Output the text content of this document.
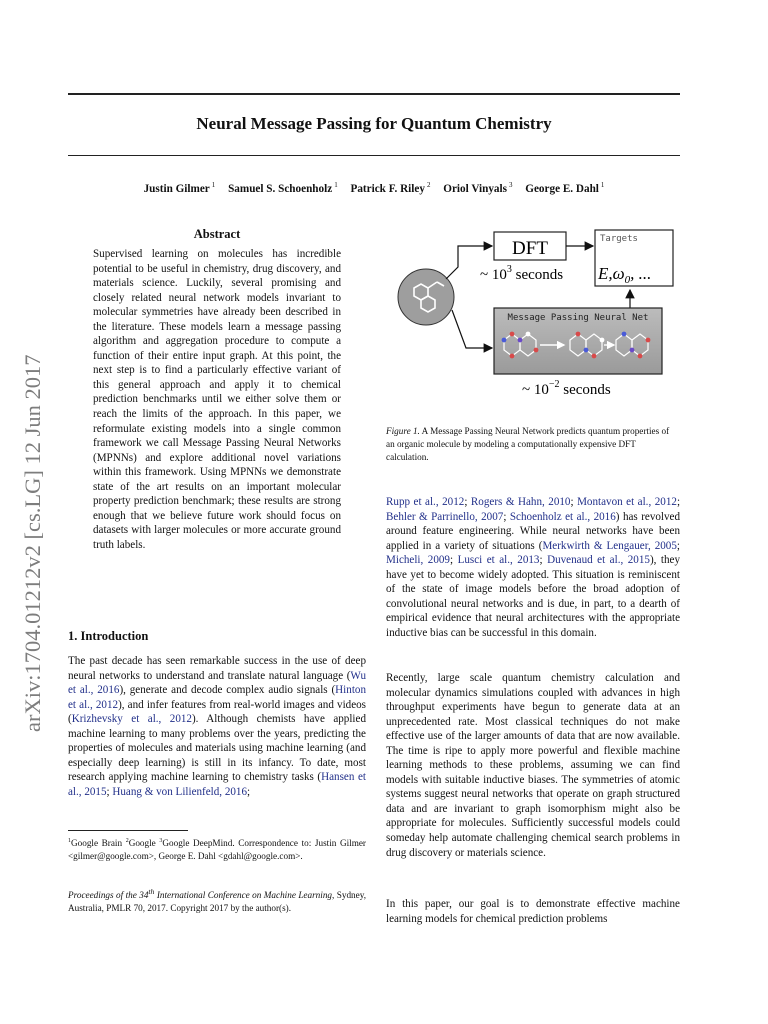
Neural Message Passing for Quantum Chemistry
Justin Gilmer $^1$ Samuel S. Schoenholz $^1$ Patrick F. Riley $^2$ Oriol Vinyals $^3$ George E. Dahl $^1$
arXiv:1704.01212v2 [cs.LG] 12 Jun 2017
Abstract
Supervised learning on molecules has incredible potential to be useful in chemistry, drug discovery, and materials science. Luckily, several promising and closely related neural network models invariant to molecular symmetries have already been described in the literature. These models learn a message passing algorithm and aggregation procedure to compute a function of their entire input graph. At this point, the next step is to find a particularly effective variant of this general approach and apply it to chemical prediction benchmarks until we either solve them or reach the limits of the approach. In this paper, we reformulate existing models into a single common framework we call Message Passing Neural Networks (MPNNs) and explore additional novel variations within this framework. Using MPNNs we demonstrate state of the art results on an important molecular property prediction benchmark; these results are strong enough that we believe future work should focus on datasets with larger molecules or more accurate ground truth labels.
1. Introduction
The past decade has seen remarkable success in the use of deep neural networks to understand and translate natural language (Wu et al., 2016), generate and decode complex audio signals (Hinton et al., 2012), and infer features from real-world images and videos (Krizhevsky et al., 2012). Although chemists have applied machine learning to many problems over the years, predicting the properties of molecules and materials using machine learning (and especially deep learning) is still in its infancy. To date, most research applying machine learning to chemistry tasks (Hansen et al., 2015; Huang & von Lilienfeld, 2016;
$^1$Google Brain $^2$Google $^3$Google DeepMind. Correspondence to: Justin Gilmer <gilmer@google.com>, George E. Dahl <gdahl@google.com>.
Proceedings of the 34th International Conference on Machine Learning, Sydney, Australia, PMLR 70, 2017. Copyright 2017 by the author(s).
DFT
~ $10^3$ seconds
Targets
$E,\omega_0$, ...
Message Passing Neural Net
~ $10^{-2}$ seconds
Figure 1. A Message Passing Neural Network predicts quantum properties of an organic molecule by modeling a computationally expensive DFT calculation.
Rupp et al., 2012; Rogers & Hahn, 2010; Montavon et al., 2012; Behler & Parrinello, 2007; Schoenholz et al., 2016) has revolved around feature engineering. While neural networks have been applied in a variety of situations (Merkwirth & Lengauer, 2005; Micheli, 2009; Lusci et al., 2013; Duvenaud et al., 2015), they have yet to become widely adopted. This situation is reminiscent of the state of image models before the broad adoption of convolutional neural networks and is due, in part, to a dearth of empirical evidence that neural architectures with the appropriate inductive bias can be successful in this domain.
Recently, large scale quantum chemistry calculation and molecular dynamics simulations coupled with advances in high throughput experiments have begun to generate data at an unprecedented rate. Most classical techniques do not make effective use of the larger amounts of data that are now available. The time is ripe to apply more powerful and flexible machine learning methods to these problems, assuming we can find models with suitable inductive biases. The symmetries of atomic systems suggest neural networks that operate on graph structured data and are invariant to graph isomorphism might also be appropriate for molecules. Sufficiently successful models could someday help automate challenging chemical search problems in drug discovery or materials science.
In this paper, our goal is to demonstrate effective machine learning models for chemical prediction problems
